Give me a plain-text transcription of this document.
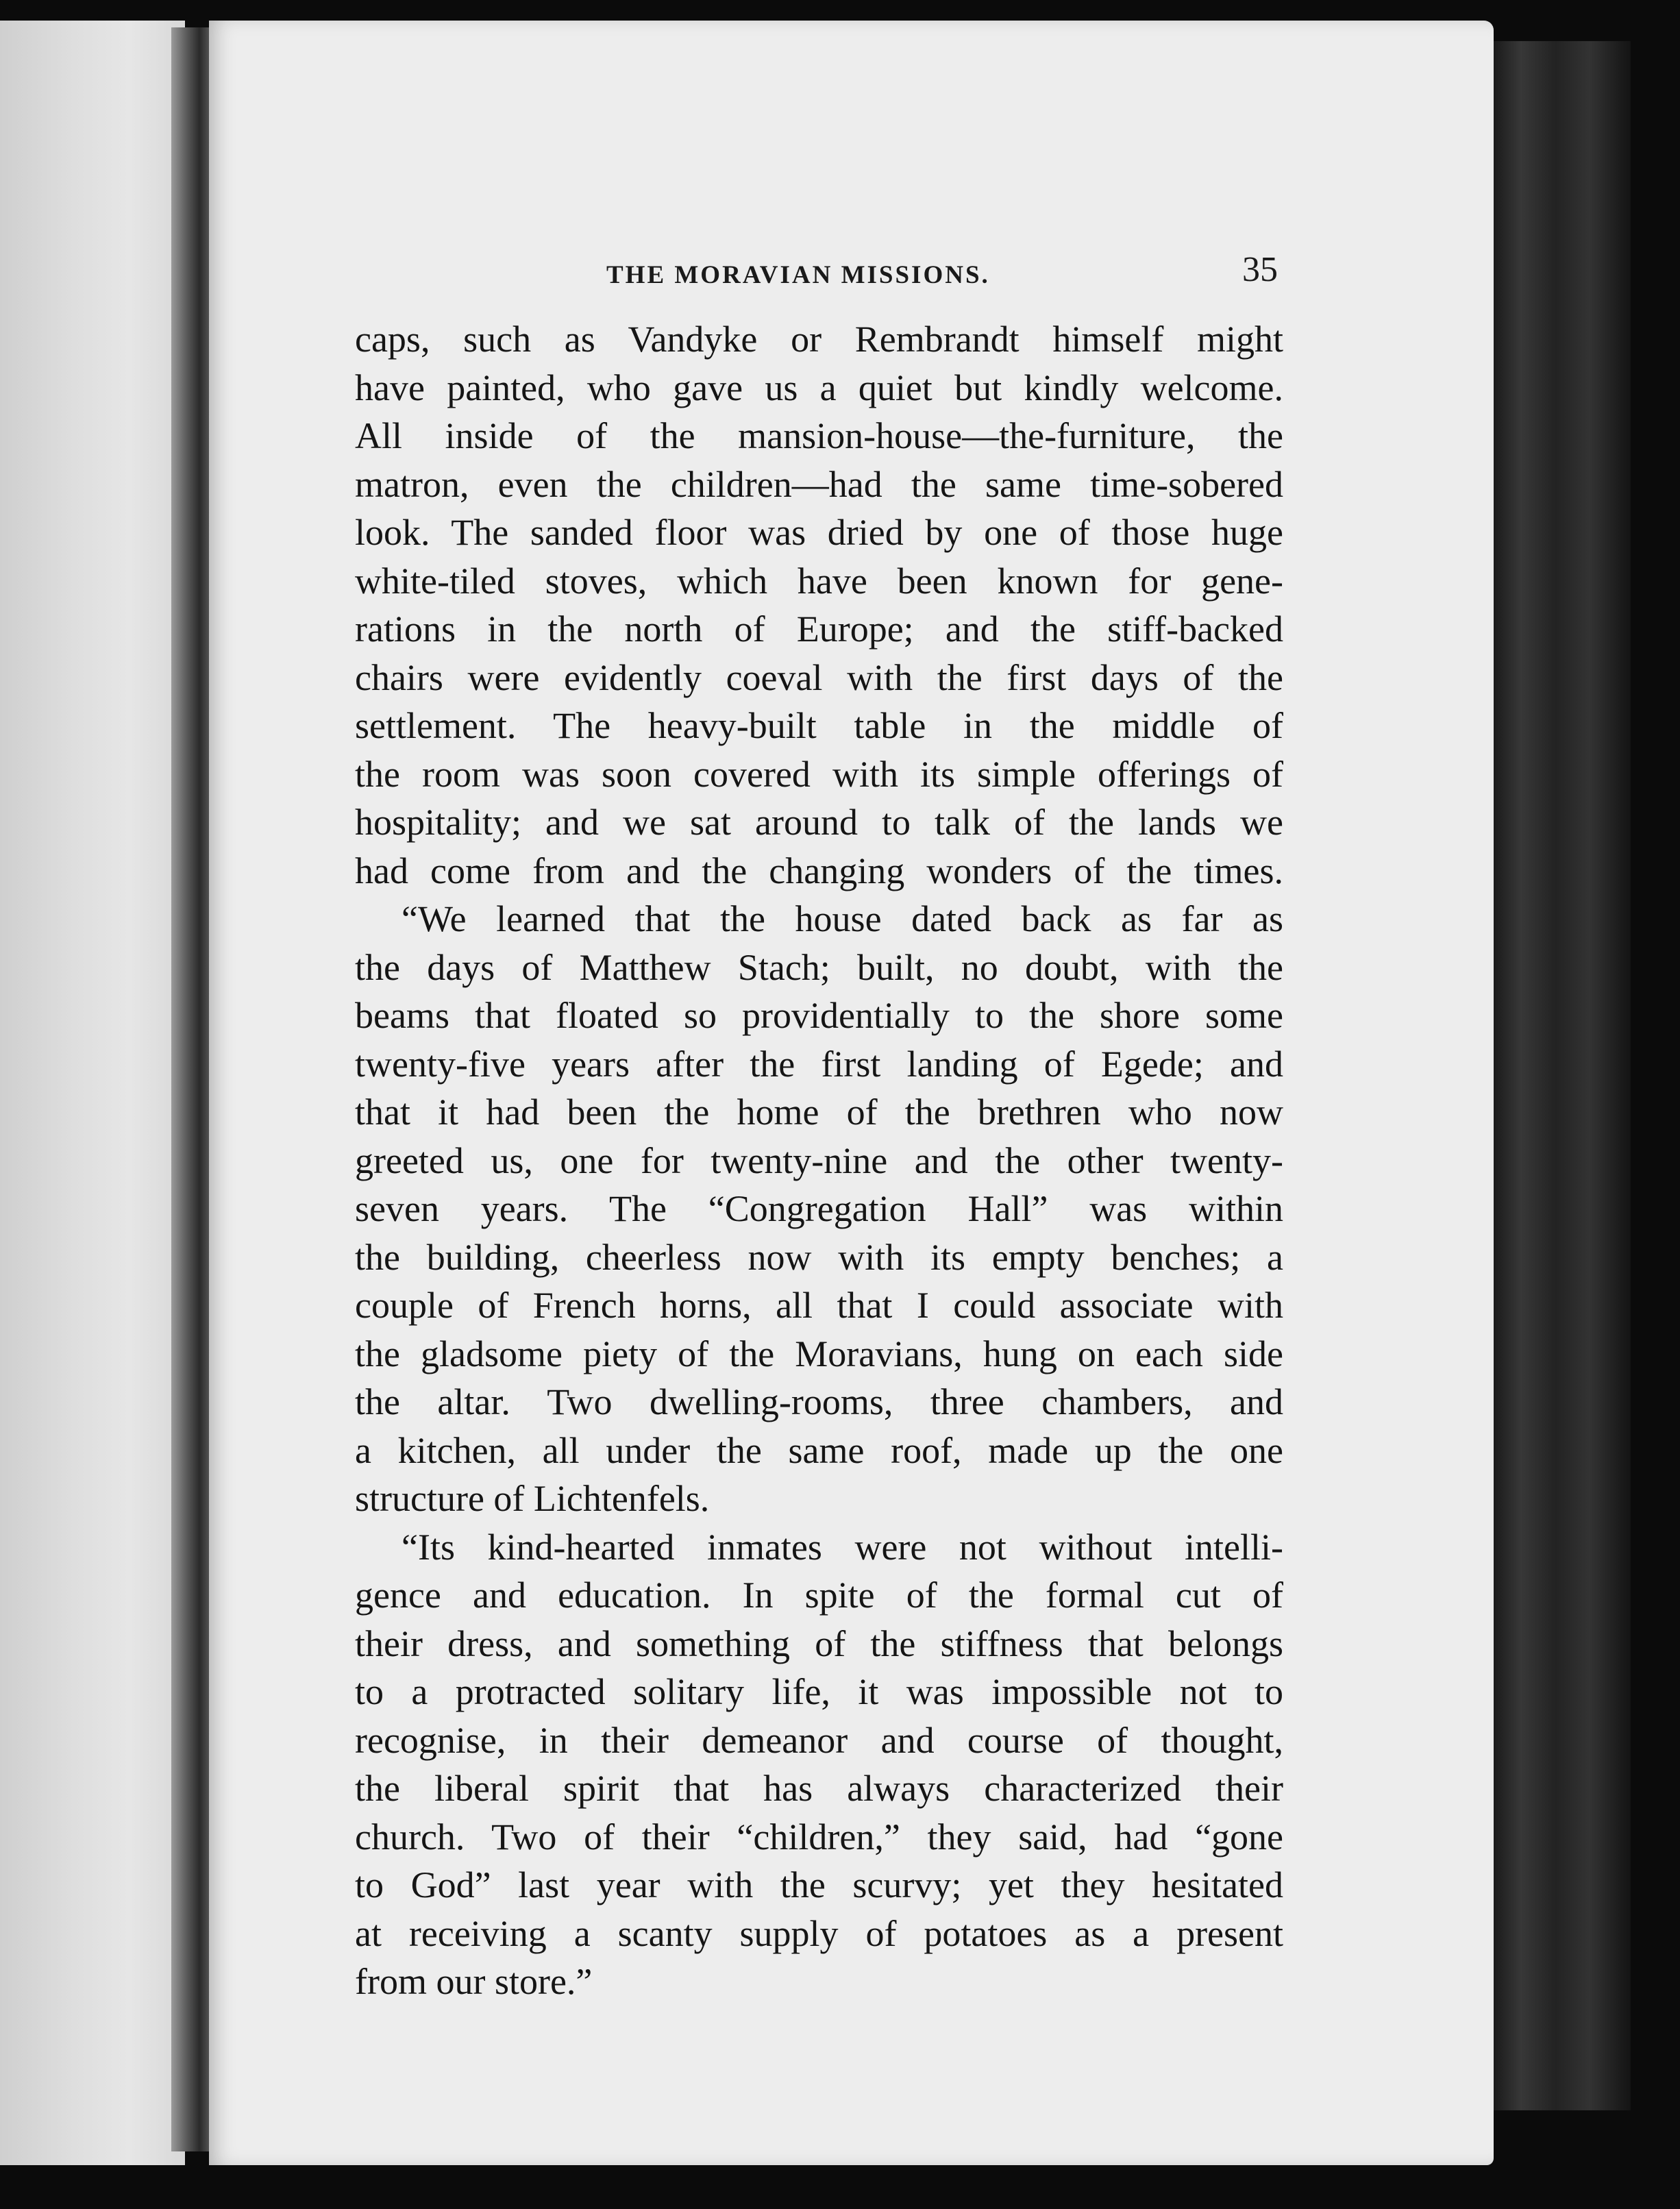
THE MORAVIAN MISSIONS.	35
caps, such as Vandyke or Rembrandt himself might
have painted, who gave us a quiet but kindly welcome.
All inside of the mansion-house—the-furniture, the
matron, even the children—had the same time-sobered
look. The sanded floor was dried by one of those huge
white-tiled stoves, which have been known for gene-
rations in the north of Europe; and the stiff-backed
chairs were evidently coeval with the first days of the
settlement. The heavy-built table in the middle of
the room was soon covered with its simple offerings of
hospitality; and we sat around to talk of the lands we
had come from and the changing wonders of the times.
“We learned that the house dated back as far as
the days of Matthew Stach; built, no doubt, with the
beams that floated so providentially to the shore some
twenty-five years after the first landing of Egede; and
that it had been the home of the brethren who now
greeted us, one for twenty-nine and the other twenty-
seven years. The “Congregation Hall” was within
the building, cheerless now with its empty benches; a
couple of French horns, all that I could associate with
the gladsome piety of the Moravians, hung on each side
the altar. Two dwelling-rooms, three chambers, and
a kitchen, all under the same roof, made up the one
structure of Lichtenfels.
“Its kind-hearted inmates were not without intelli-
gence and education. In spite of the formal cut of
their dress, and something of the stiffness that belongs
to a protracted solitary life, it was impossible not to
recognise, in their demeanor and course of thought,
the liberal spirit that has always characterized their
church. Two of their “children,” they said, had “gone
to God” last year with the scurvy; yet they hesitated
at receiving a scanty supply of potatoes as a present
from our store.”
